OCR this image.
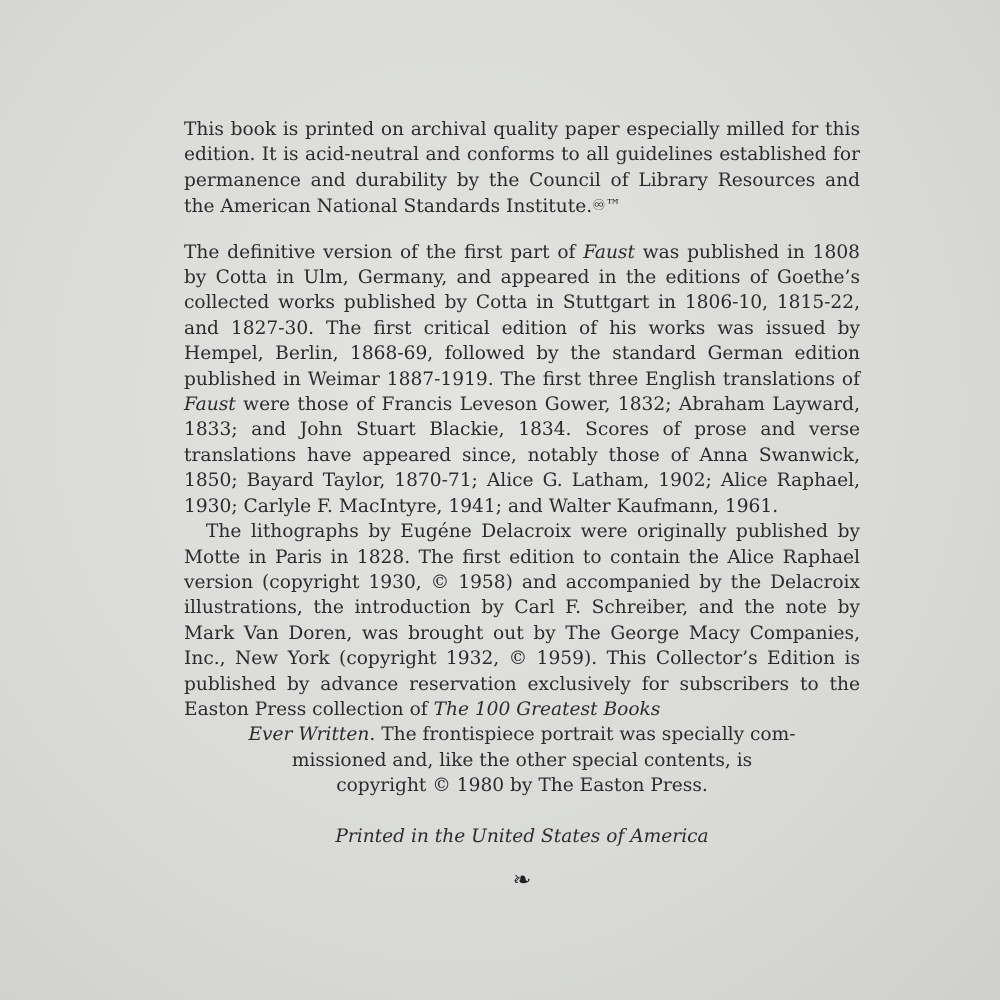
This book is printed on archival quality paper especially milled for this edition. It is acid-neutral and conforms to all guidelines established for permanence and durability by the Council of Library Resources and the American National Standards Institute.♾™

The definitive version of the first part of Faust was published in 1808 by Cotta in Ulm, Germany, and appeared in the editions of Goethe’s collected works published by Cotta in Stuttgart in 1806-10, 1815-22, and 1827-30. The first critical edition of his works was issued by Hempel, Berlin, 1868-69, followed by the standard German edition published in Weimar 1887-1919. The first three English translations of Faust were those of Francis Leveson Gower, 1832; Abraham Layward, 1833; and John Stuart Blackie, 1834. Scores of prose and verse translations have appeared since, notably those of Anna Swanwick, 1850; Bayard Taylor, 1870-71; Alice G. Latham, 1902; Alice Raphael, 1930; Carlyle F. MacIntyre, 1941; and Walter Kaufmann, 1961.

The lithographs by Eugéne Delacroix were originally published by Motte in Paris in 1828. The first edition to contain the Alice Raphael version (copyright 1930, © 1958) and accompanied by the Delacroix illustrations, the introduction by Carl F. Schreiber, and the note by Mark Van Doren, was brought out by The George Macy Companies, Inc., New York (copyright 1932, © 1959). This Collector’s Edition is published by advance reservation exclusively for subscribers to the Easton Press collection of The 100 Greatest Books

Ever Written. The frontispiece portrait was specially com-

missioned and, like the other special contents, is

copyright © 1980 by The Easton Press.

Printed in the United States of America

❧
